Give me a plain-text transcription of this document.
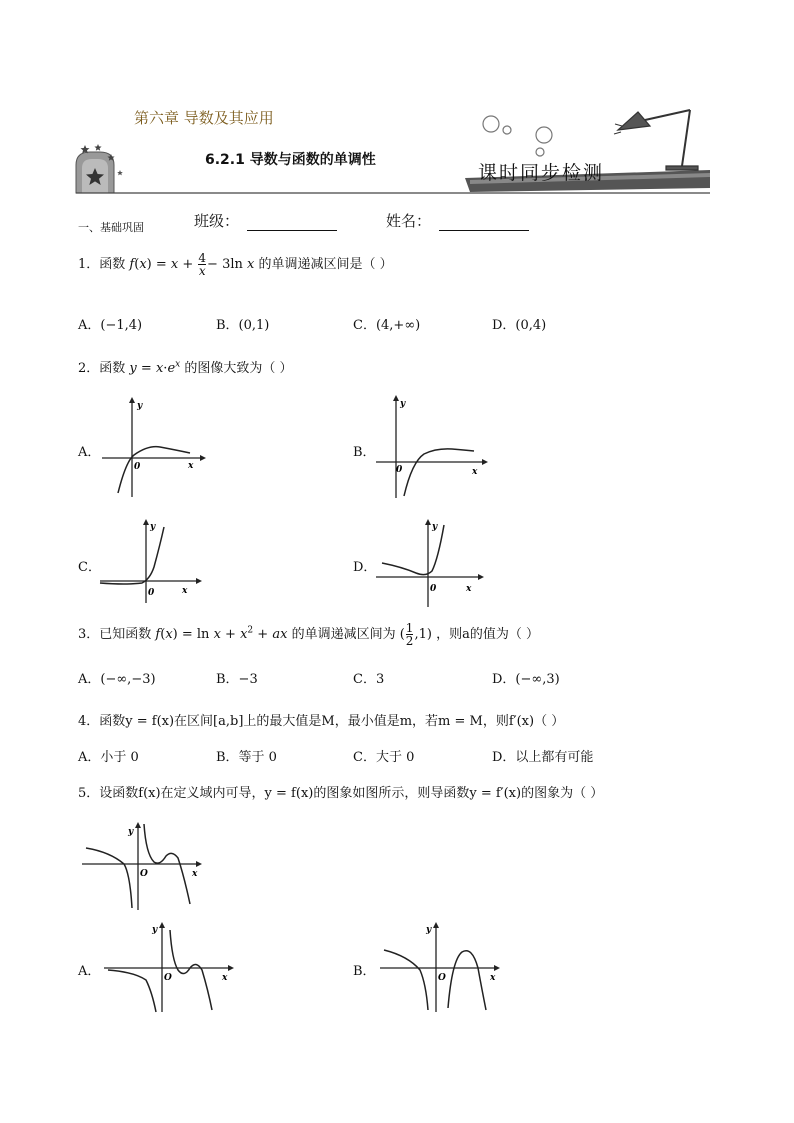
第六章 导数及其应用
6.2.1 导数与函数的单调性
课时同步检测
一、基础巩固	班级：	姓名：
1．函数 $f(x) = x + \frac{4}{x} - 3\ln$ x 的单调递减区间是（ ）
A．(−1,4)	B．(0,1)	C．(4,+∞)	D．(0,4)
2．函数 $y = x\cdot e^x$ 的图像大致为（ ）
A．
y
x
0
B．
y
x
0
C．
y
x
0
D．
y
x
0
3．已知函数 $f(x) = \ln x + x^2$ + ax 的单调递减区间为 ( $\frac{1}{2} ,1$) ，则a的值为（ ）
A．(−∞,−3)	B．−3	C．3	D．(−∞,3)
4．函数y = f(x)在区间[a,b]上的最大值是M，最小值是m，若m = M，则f′(x)（ ）
A．小于 0	B．等于 0	C．大于 0	D．以上都有可能
5．设函数f(x)在定义域内可导，y = f(x)的图象如图所示，则导函数y = f′(x)的图象为（ ）
y
x
O
A．
y
x
O	B．
y
x
O
